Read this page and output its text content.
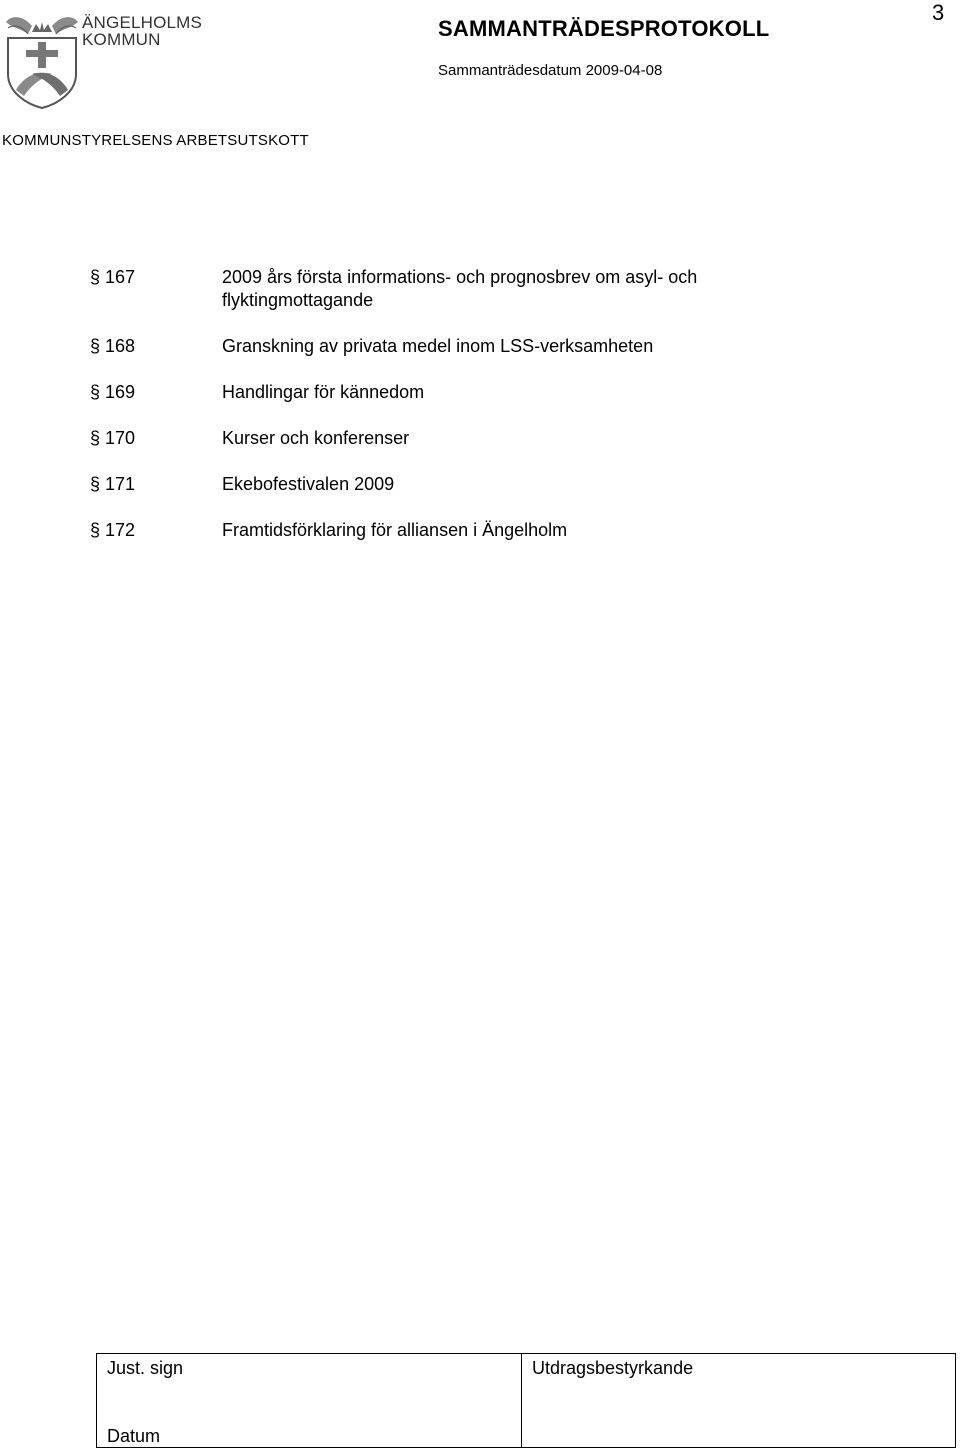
ÄNGELHOLMS
KOMMUN	SAMMANTRÄDESPROTOKOLL
3
Sammanträdesdatum 2009-04-08
KOMMUNSTYRELSENS ARBETSUTSKOTT
§ 167	2009 års första informations- och prognosbrev om asyl- och flyktingmottagande
§ 168	Granskning av privata medel inom LSS-verksamheten
§ 169	Handlingar för kännedom
§ 170	Kurser och konferenser
§ 171	Ekebofestivalen 2009
§ 172	Framtidsförklaring för alliansen i Ängelholm
Just. sign
Datum
Utdragsbestyrkande
